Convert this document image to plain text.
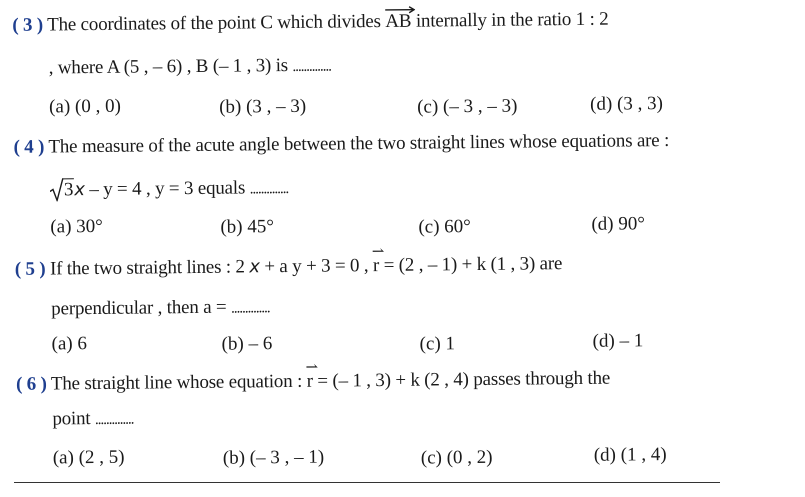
( 3 ) The coordinates of the point C which divides
AB internally in the ratio 1 : 2
, where A (5 , – 6) , B (– 1 , 3) is ..............
(a) (0 , 0)	(b) (3 , – 3)	(c) (– 3 , – 3)	(d) (3 , 3)
( 4 ) The measure of the acute angle between the two straight lines whose equations are :
3x – y = 4 , y = 3 equals ..............
(a) 30°	(b) 45°	(c) 60°	(d) 90°
( 5 ) If the two straight lines : 2 x + a y + 3 = 0 ,
⇀
r = (2 , – 1) + k (1 , 3) are
perpendicular , then a = ..............
(a) 6	(b) – 6	(c) 1	(d) – 1
( 6 ) The straight line whose equation :
⇀
r = (– 1 , 3) + k (2 , 4) passes through the
point ..............
(a) (2 , 5)	(b) (– 3 , – 1)	(c) (0 , 2)	(d) (1 , 4)
